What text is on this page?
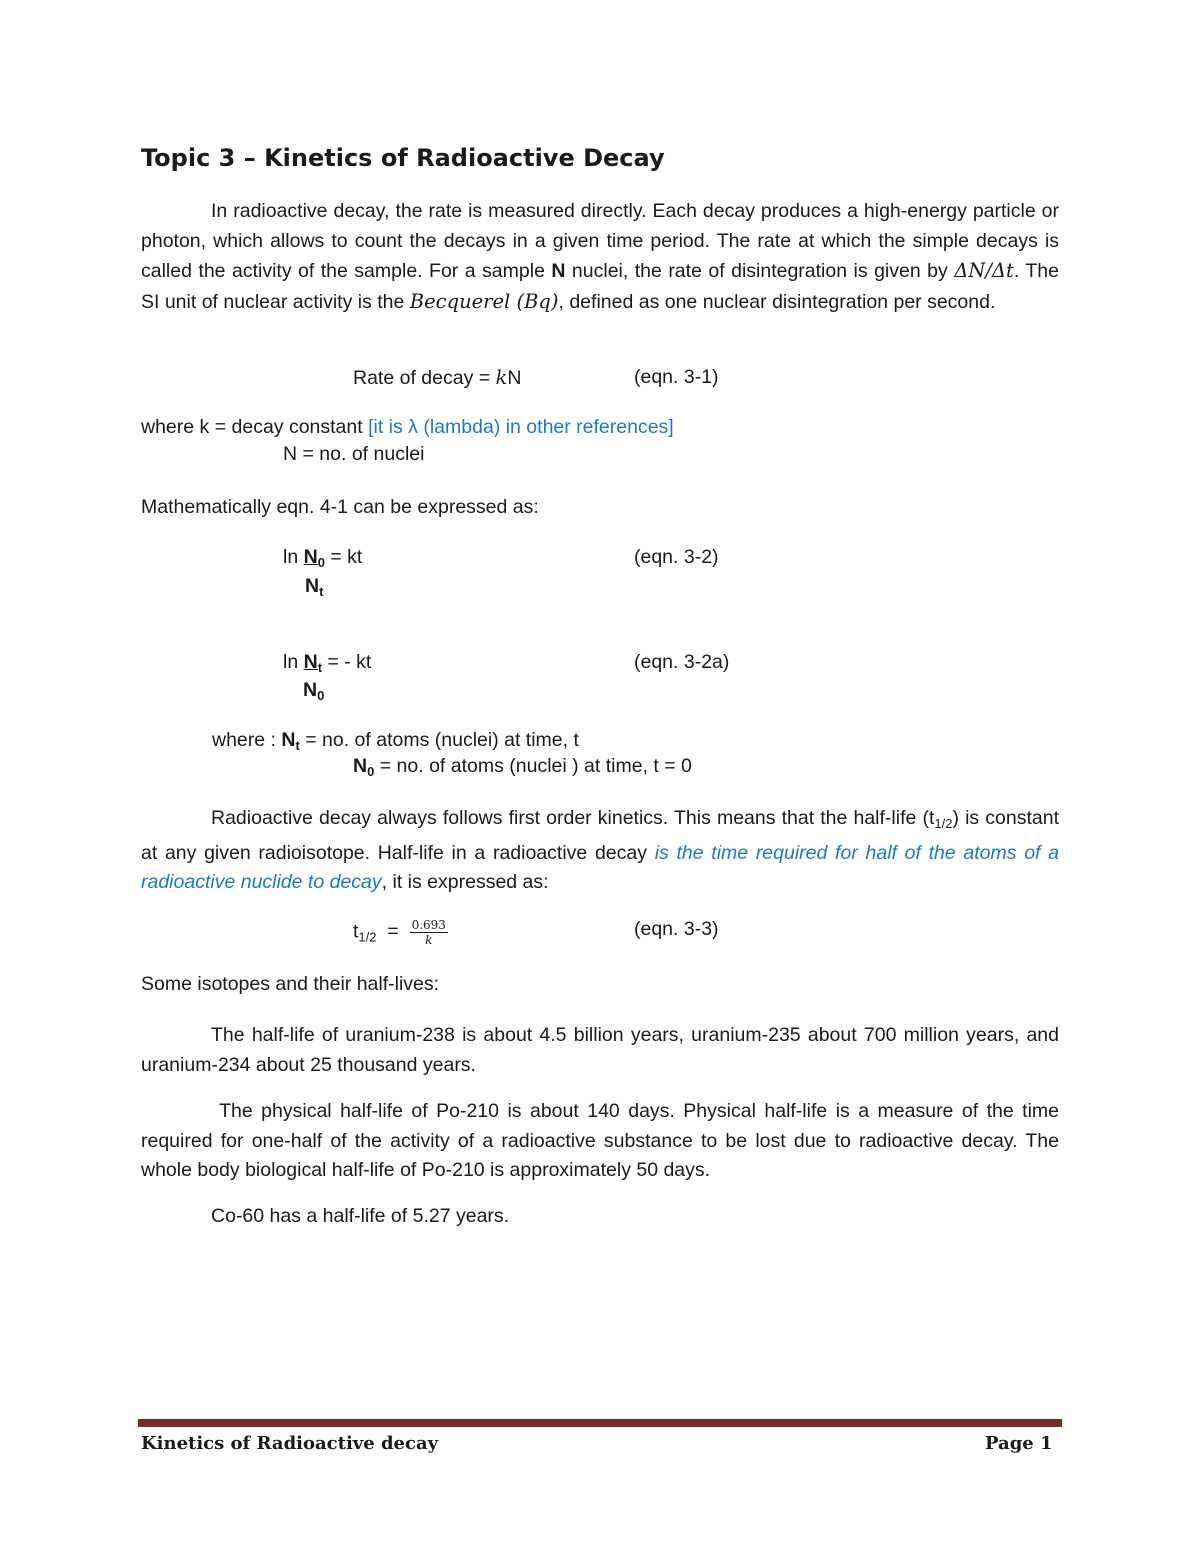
Topic 3 – Kinetics of Radioactive Decay
In radioactive decay, the rate is measured directly. Each decay produces a high-energy particle or photon, which allows to count the decays in a given time period. The rate at which the simple decays is called the activity of the sample. For a sample N nuclei, the rate of disintegration is given by ΔN/Δt. The SI unit of nuclear activity is the Becquerel (Bq), defined as one nuclear disintegration per second.
Rate of decay = kN	(eqn. 3-1)
where k = decay constant [it is λ (lambda) in other references]
N = no. of nuclei
Mathematically eqn. 4-1 can be expressed as:
$\ln N_0$ = kt
$N_t$
(eqn. 3-2)
$\ln N_t$ = - kt
$N_0$
(eqn. 3-2a)
where : $N_t$ = no. of atoms (nuclei) at time, t
$N_0$ = no. of atoms (nuclei ) at time, t = 0
Radioactive decay always follows first order kinetics. This means that the half-life $(t_{1/2})$ is constant at any given radioisotope. Half-life in a radioactive decay is the time required for half of the atoms of a radioactive nuclide to decay, it is expressed as:
$t_{1/2} = \frac{0.693}{k}$	(eqn. 3-3)
Some isotopes and their half-lives:
The half-life of uranium-238 is about 4.5 billion years, uranium-235 about 700 million years, and uranium-234 about 25 thousand years.
The physical half-life of Po-210 is about 140 days. Physical half-life is a measure of the time required for one-half of the activity of a radioactive substance to be lost due to radioactive decay. The whole body biological half-life of Po-210 is approximately 50 days.
Co-60 has a half-life of 5.27 years.
Kinetics of Radioactive decay	Page 1
